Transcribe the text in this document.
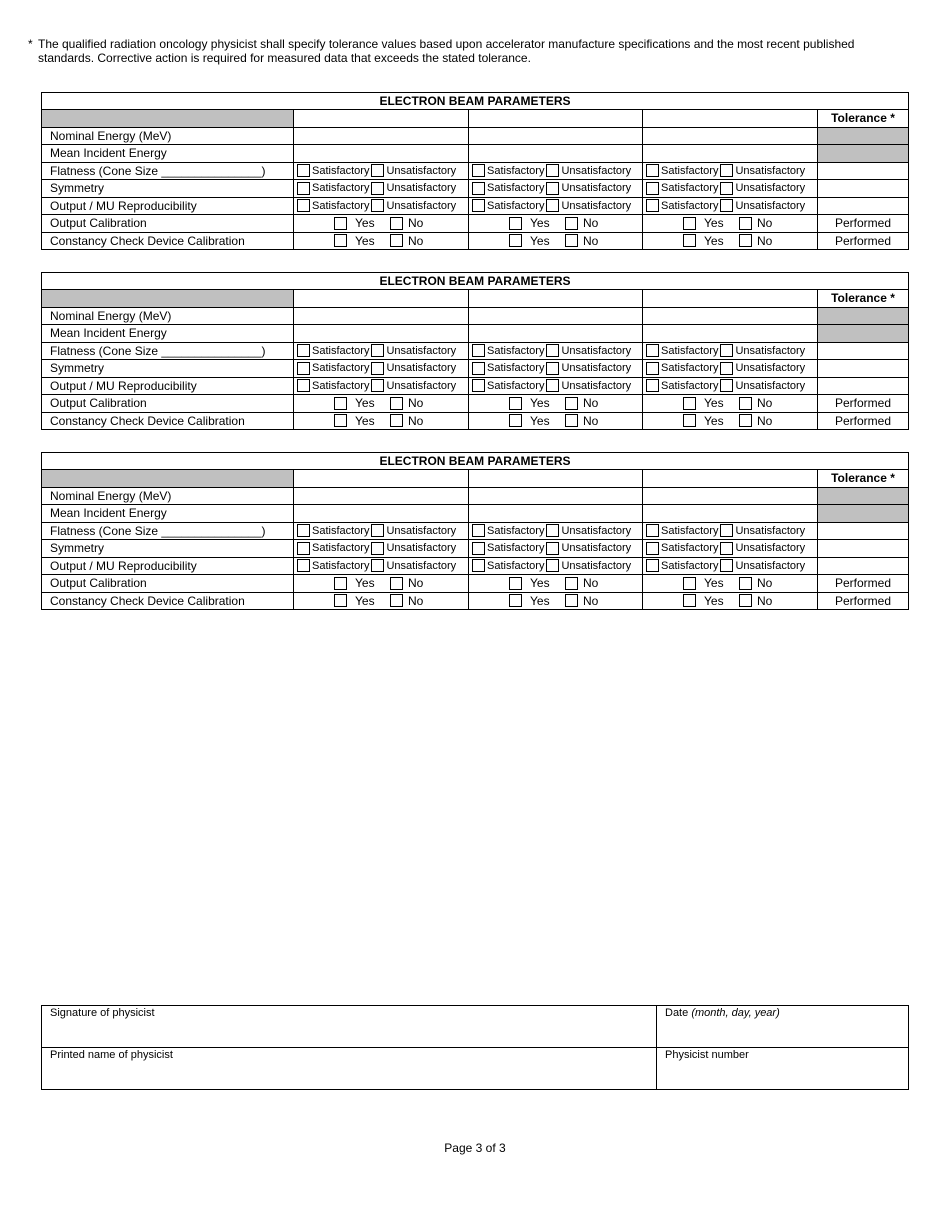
* The qualified radiation oncology physicist shall specify tolerance values based upon accelerator manufacture specifications and the most recent published standards. Corrective action is required for measured data that exceeds the stated tolerance.
ELECTRON BEAM PARAMETERS				
				Tolerance *
Nominal Energy (MeV)				
Mean Incident Energy				
Flatness (Cone Size _______________)	Satisfactory Unsatisfactory	Satisfactory Unsatisfactory	Satisfactory Unsatisfactory	

Symmetry	Satisfactory Unsatisfactory	Satisfactory Unsatisfactory	Satisfactory Unsatisfactory	

Output / MU Reproducibility	Satisfactory Unsatisfactory	Satisfactory Unsatisfactory	Satisfactory Unsatisfactory	

Output Calibration	Yes No	Yes No	Yes No	Performed
Constancy Check Device Calibration	Yes No	Yes No	Yes No	Performed
ELECTRON BEAM PARAMETERS				
				Tolerance *
Nominal Energy (MeV)				
Mean Incident Energy				
Flatness (Cone Size _______________)	Satisfactory Unsatisfactory	Satisfactory Unsatisfactory	Satisfactory Unsatisfactory	

Symmetry	Satisfactory Unsatisfactory	Satisfactory Unsatisfactory	Satisfactory Unsatisfactory	

Output / MU Reproducibility	Satisfactory Unsatisfactory	Satisfactory Unsatisfactory	Satisfactory Unsatisfactory	

Output Calibration	Yes No	Yes No	Yes No	Performed
Constancy Check Device Calibration	Yes No	Yes No	Yes No	Performed
ELECTRON BEAM PARAMETERS				
				Tolerance *
Nominal Energy (MeV)				
Mean Incident Energy				
Flatness (Cone Size _______________)	Satisfactory Unsatisfactory	Satisfactory Unsatisfactory	Satisfactory Unsatisfactory	

Symmetry	Satisfactory Unsatisfactory	Satisfactory Unsatisfactory	Satisfactory Unsatisfactory	

Output / MU Reproducibility	Satisfactory Unsatisfactory	Satisfactory Unsatisfactory	Satisfactory Unsatisfactory	

Output Calibration	Yes No	Yes No	Yes No	Performed
Constancy Check Device Calibration	Yes No	Yes No	Yes No	Performed
Signature of physicist	Date (month, day, year)
Printed name of physicist	Physicist number
Page 3 of 3
